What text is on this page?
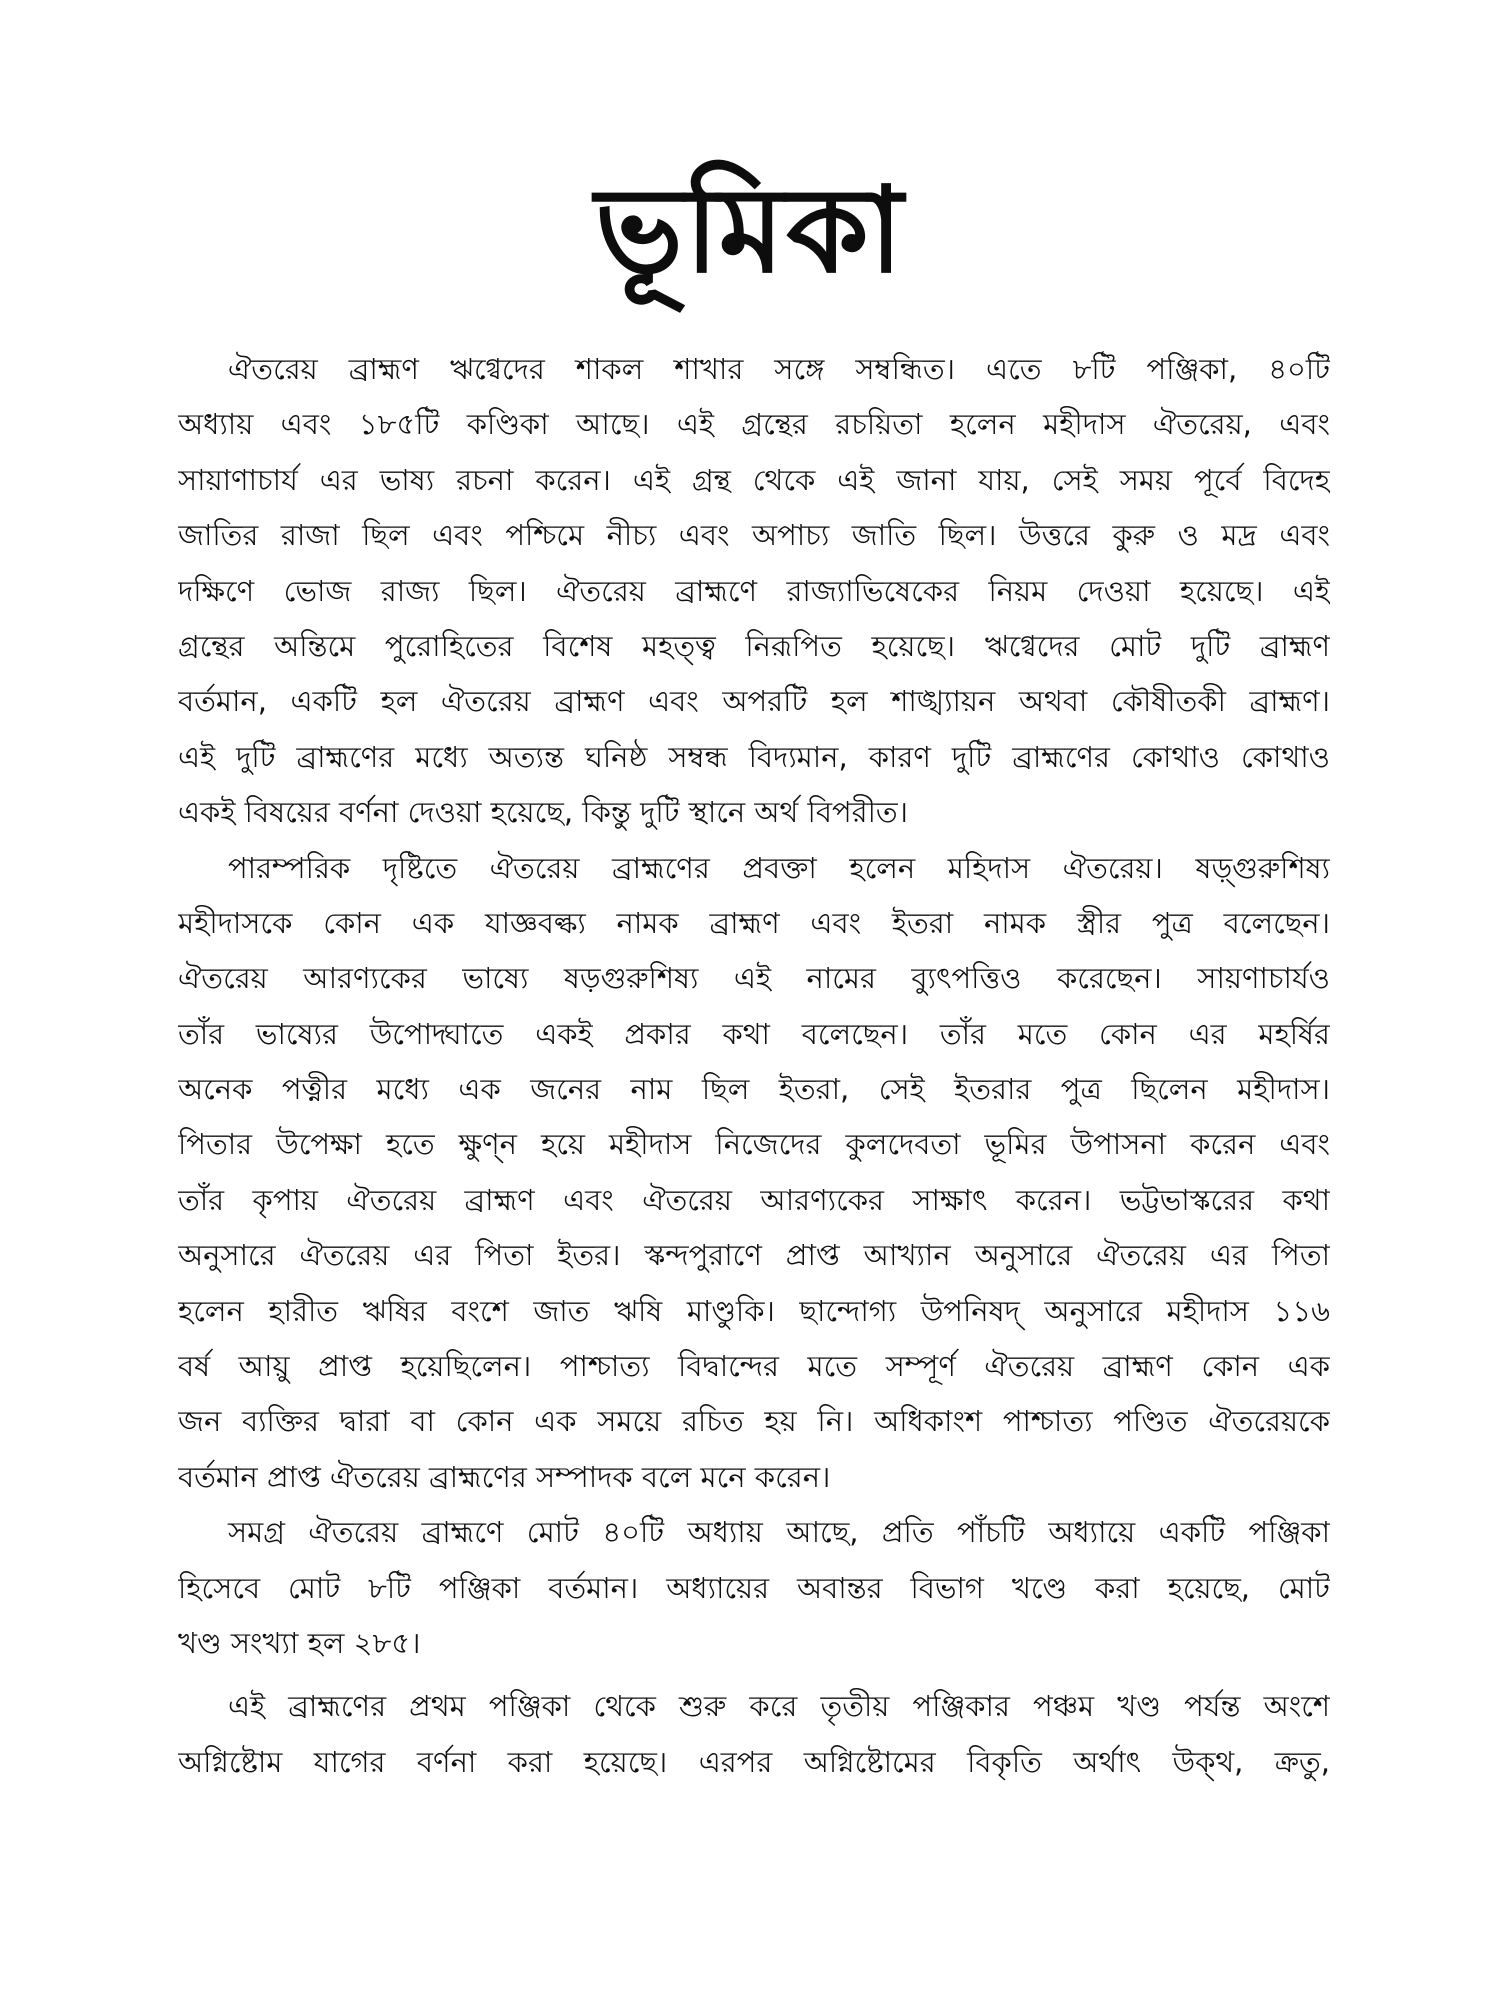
ভূমিকা
ঐতরেয় ব্রাহ্মণ ঋগ্বেদের শাকল শাখার সঙ্গে সম্বন্ধিত। এতে ৮টি পঞ্জিকা, ৪০টি
অধ্যায় এবং ১৮৫টি কণ্ডিকা আছে। এই গ্রন্থের রচয়িতা হলেন মহীদাস ঐতরেয়, এবং
সায়াণাচার্য এর ভাষ্য রচনা করেন। এই গ্রন্থ থেকে এই জানা যায়, সেই সময় পূর্বে বিদেহ
জাতির রাজা ছিল এবং পশ্চিমে নীচ্য এবং অপাচ্য জাতি ছিল। উত্তরে কুরু ও মদ্র এবং
দক্ষিণে ভোজ রাজ্য ছিল। ঐতরেয় ব্রাহ্মণে রাজ্যাভিষেকের নিয়ম দেওয়া হয়েছে। এই
গ্রন্থের অন্তিমে পুরোহিতের বিশেষ মহত্ত্ব নিরূপিত হয়েছে। ঋগ্বেদের মোট দুটি ব্রাহ্মণ
বর্তমান, একটি হল ঐতরেয় ব্রাহ্মণ এবং অপরটি হল শাঙ্খ্যায়ন অথবা কৌষীতকী ব্রাহ্মণ।
এই দুটি ব্রাহ্মণের মধ্যে অত্যন্ত ঘনিষ্ঠ সম্বন্ধ বিদ্যমান, কারণ দুটি ব্রাহ্মণের কোথাও কোথাও
একই বিষয়ের বর্ণনা দেওয়া হয়েছে, কিন্তু দুটি স্থানে অর্থ বিপরীত।
পারম্পরিক দৃষ্টিতে ঐতরেয় ব্রাহ্মণের প্রবক্তা হলেন মহিদাস ঐতরেয়। ষড়্গুরুশিষ্য
মহীদাসকে কোন এক যাজ্ঞবল্ক্য নামক ব্রাহ্মণ এবং ইতরা নামক স্ত্রীর পুত্র বলেছেন।
ঐতরেয় আরণ্যকের ভাষ্যে ষড়গুরুশিষ্য এই নামের ব্যুৎপত্তিও করেছেন। সায়ণাচার্যও
তাঁর ভাষ্যের উপোদ্ঘাতে একই প্রকার কথা বলেছেন। তাঁর মতে কোন এর মহর্ষির
অনেক পত্নীর মধ্যে এক জনের নাম ছিল ইতরা, সেই ইতরার পুত্র ছিলেন মহীদাস।
পিতার উপেক্ষা হতে ক্ষুণ্ন হয়ে মহীদাস নিজেদের কুলদেবতা ভূমির উপাসনা করেন এবং
তাঁর কৃপায় ঐতরেয় ব্রাহ্মণ এবং ঐতরেয় আরণ্যকের সাক্ষাৎ করেন। ভট্টভাস্করের কথা
অনুসারে ঐতরেয় এর পিতা ইতর। স্কন্দপুরাণে প্রাপ্ত আখ্যান অনুসারে ঐতরেয় এর পিতা
হলেন হারীত ঋষির বংশে জাত ঋষি মাণ্ডুকি। ছান্দোগ্য উপনিষদ্ অনুসারে মহীদাস ১১৬
বর্ষ আয়ু প্রাপ্ত হয়েছিলেন। পাশ্চাত্য বিদ্বান্দের মতে সম্পূর্ণ ঐতরেয় ব্রাহ্মণ কোন এক
জন ব্যক্তির দ্বারা বা কোন এক সময়ে রচিত হয় নি। অধিকাংশ পাশ্চাত্য পণ্ডিত ঐতরেয়কে
বর্তমান প্রাপ্ত ঐতরেয় ব্রাহ্মণের সম্পাদক বলে মনে করেন।
সমগ্র ঐতরেয় ব্রাহ্মণে মোট ৪০টি অধ্যায় আছে, প্রতি পাঁচটি অধ্যায়ে একটি পঞ্জিকা
হিসেবে মোট ৮টি পঞ্জিকা বর্তমান। অধ্যায়ের অবান্তর বিভাগ খণ্ডে করা হয়েছে, মোট
খণ্ড সংখ্যা হল ২৮৫।
এই ব্রাহ্মণের প্রথম পঞ্জিকা থেকে শুরু করে তৃতীয় পঞ্জিকার পঞ্চম খণ্ড পর্যন্ত অংশে
অগ্নিষ্টোম যাগের বর্ণনা করা হয়েছে। এরপর অগ্নিষ্টোমের বিকৃতি অর্থাৎ উক্থ, ক্রতু,
